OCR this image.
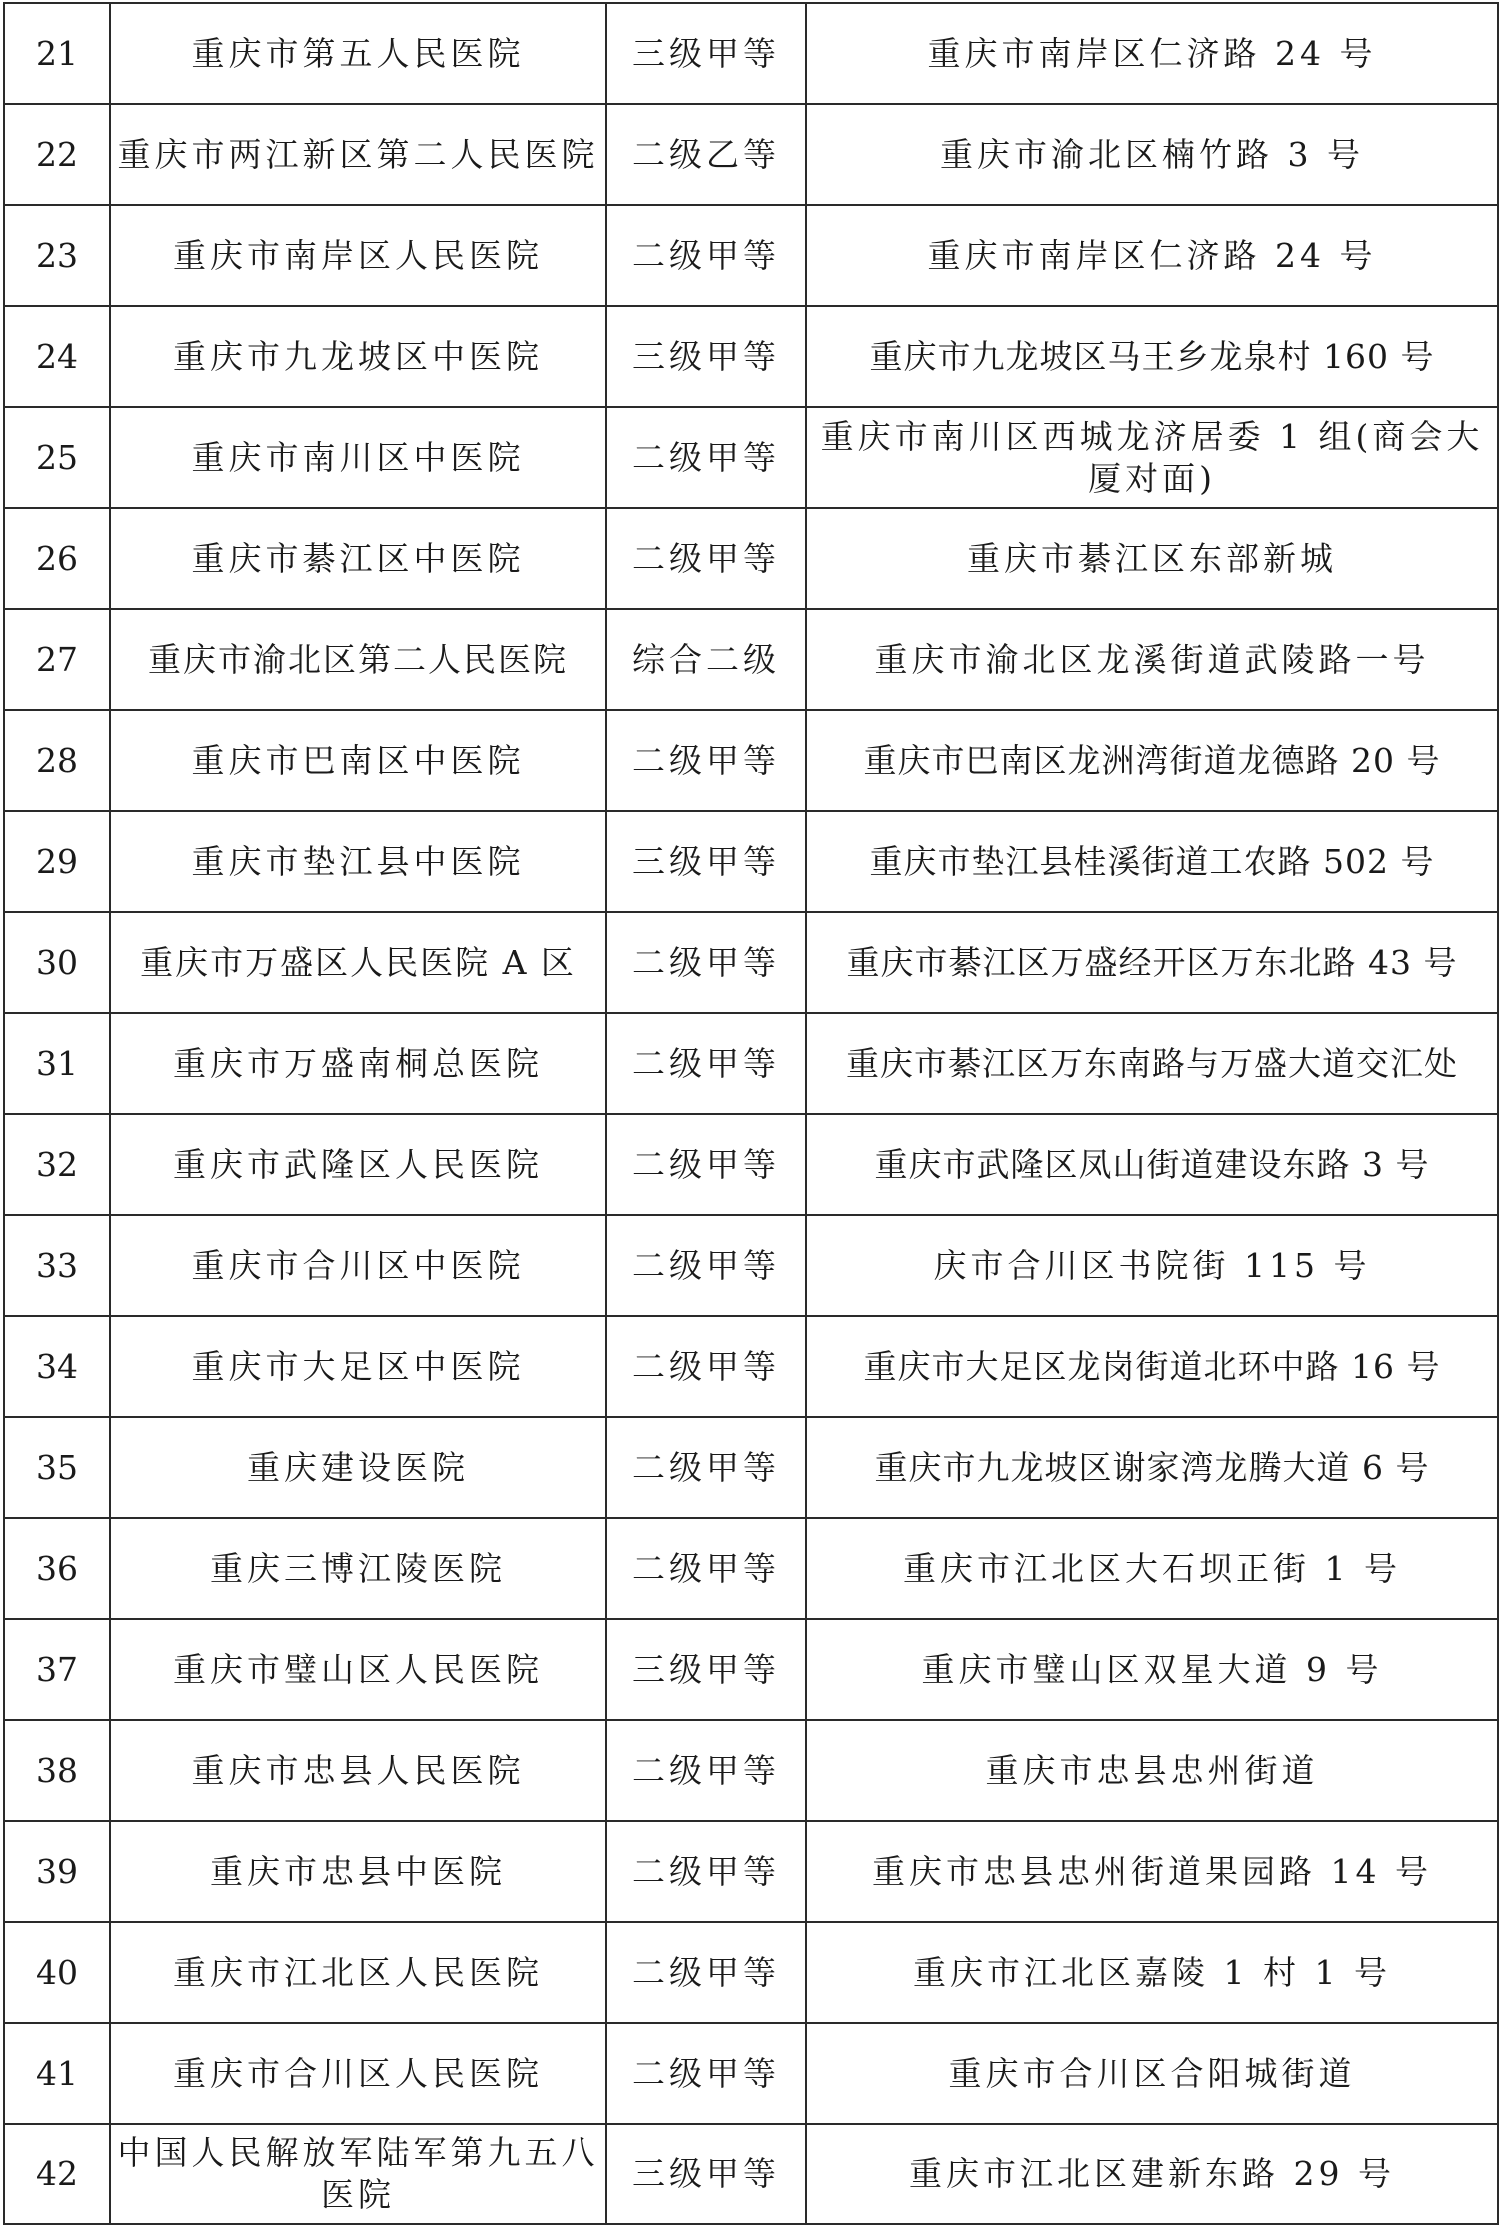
21	重庆市第五人民医院	三级甲等	重庆市南岸区仁济路 24 号
22	重庆市两江新区第二人民医院	二级乙等	重庆市渝北区楠竹路 3 号
23	重庆市南岸区人民医院	二级甲等	重庆市南岸区仁济路 24 号
24	重庆市九龙坡区中医院	三级甲等	重庆市九龙坡区马王乡龙泉村 160 号
25	重庆市南川区中医院	二级甲等	重庆市南川区西城龙济居委 1 组(商会大厦对面)
26	重庆市綦江区中医院	二级甲等	重庆市綦江区东部新城
27	重庆市渝北区第二人民医院	综合二级	重庆市渝北区龙溪街道武陵路一号
28	重庆市巴南区中医院	二级甲等	重庆市巴南区龙洲湾街道龙德路 20 号
29	重庆市垫江县中医院	三级甲等	重庆市垫江县桂溪街道工农路 502 号
30	重庆市万盛区人民医院 A 区	二级甲等	重庆市綦江区万盛经开区万东北路 43 号
31	重庆市万盛南桐总医院	二级甲等	重庆市綦江区万东南路与万盛大道交汇处
32	重庆市武隆区人民医院	二级甲等	重庆市武隆区凤山街道建设东路 3 号
33	重庆市合川区中医院	二级甲等	庆市合川区书院街 115 号
34	重庆市大足区中医院	二级甲等	重庆市大足区龙岗街道北环中路 16 号
35	重庆建设医院	二级甲等	重庆市九龙坡区谢家湾龙腾大道 6 号
36	重庆三博江陵医院	二级甲等	重庆市江北区大石坝正街 1 号
37	重庆市璧山区人民医院	三级甲等	重庆市璧山区双星大道 9 号
38	重庆市忠县人民医院	二级甲等	重庆市忠县忠州街道
39	重庆市忠县中医院	二级甲等	重庆市忠县忠州街道果园路 14 号
40	重庆市江北区人民医院	二级甲等	重庆市江北区嘉陵 1 村 1 号
41	重庆市合川区人民医院	二级甲等	重庆市合川区合阳城街道
42	中国人民解放军陆军第九五八医院	三级甲等	重庆市江北区建新东路 29 号
